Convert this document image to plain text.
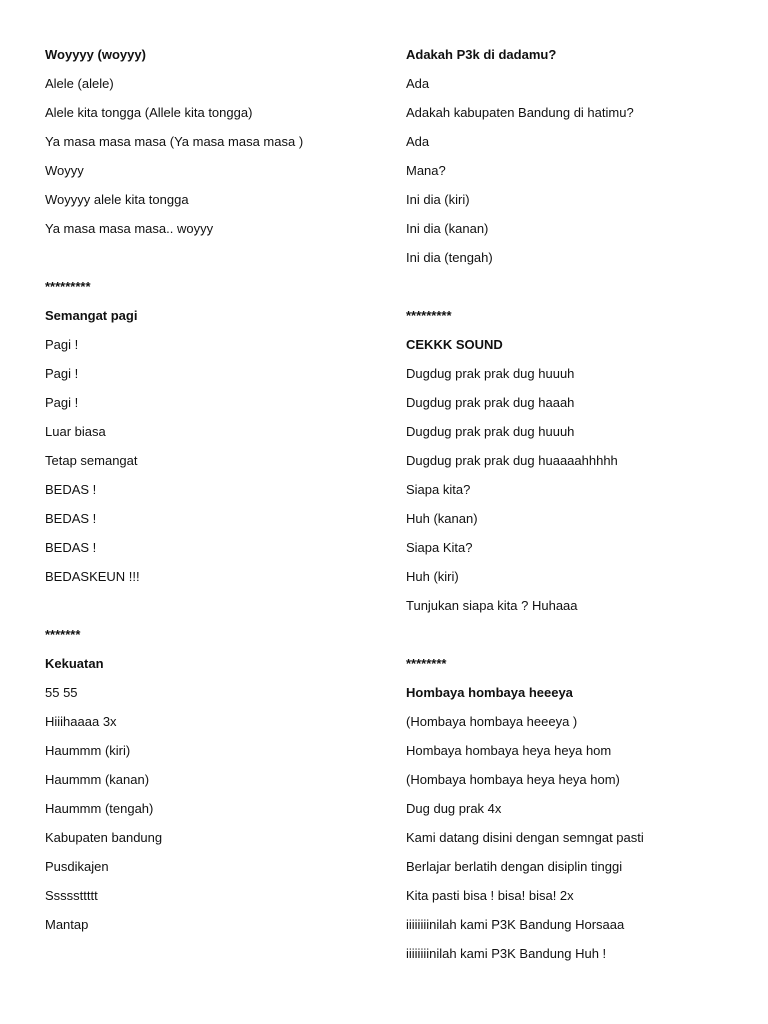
Woyyyy (woyyy)
Alele (alele)
Alele kita tongga (Allele kita tongga)
Ya masa masa masa (Ya masa masa masa )
Woyyy
Woyyyy alele kita tongga
Ya masa masa masa.. woyyy
*********
Semangat pagi
Pagi !
Pagi !
Pagi !
Luar biasa
Tetap semangat
BEDAS !
BEDAS !
BEDAS !
BEDASKEUN !!!
*******
Kekuatan
55 55
Hiiihaaaa 3x
Haummm (kiri)
Haummm (kanan)
Haummm (tengah)
Kabupaten bandung
Pusdikajen
Sssssttttt
Mantap
Adakah P3k di dadamu?
Ada
Adakah kabupaten Bandung di hatimu?
Ada
Mana?
Ini dia (kiri)
Ini dia (kanan)
Ini dia (tengah)
*********
CEKKK SOUND
Dugdug prak prak dug huuuh
Dugdug prak prak dug haaah
Dugdug prak prak dug huuuh
Dugdug prak prak dug huaaaahhhhh
Siapa kita?
Huh (kanan)
Siapa Kita?
Huh (kiri)
Tunjukan siapa kita ? Huhaaa
********
Hombaya hombaya heeeya
(Hombaya hombaya heeeya )
Hombaya hombaya heya heya hom
(Hombaya hombaya heya heya hom)
Dug dug prak 4x
Kami datang disini dengan semngat pasti
Berlajar berlatih dengan disiplin tinggi
Kita pasti bisa ! bisa! bisa! 2x
iiiiiiiinilah kami P3K Bandung Horsaaa
iiiiiiiinilah kami P3K Bandung Huh !
